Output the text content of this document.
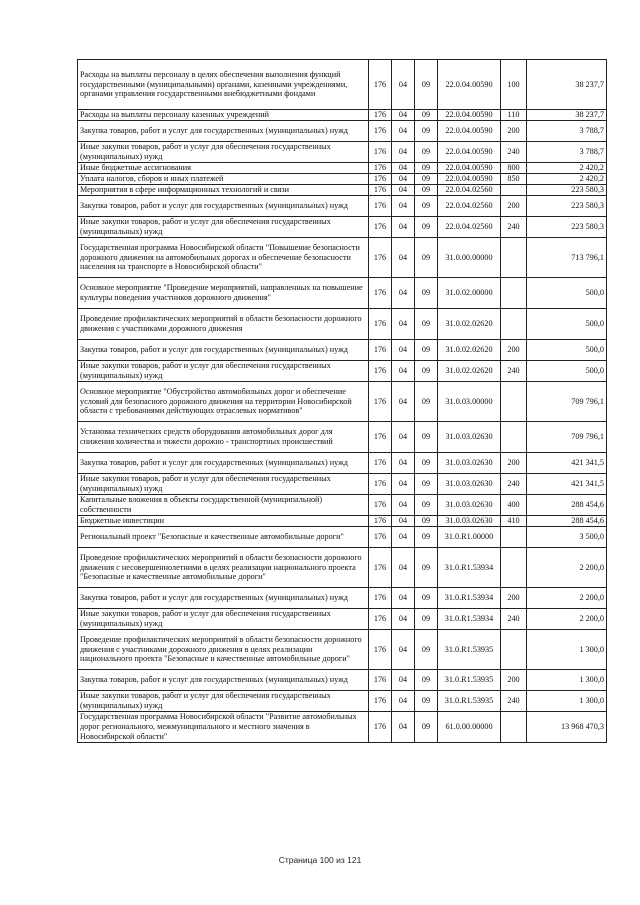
Расходы на выплаты персоналу в целях обеспечения выполнения функций государственными (муниципальными) органами, казенными учреждениями, органами управления государственными внебюджетными фондами	176	04	09	22.0.04.00590	100	38 237,7
Расходы на выплаты персоналу казенных учреждений	176	04	09	22.0.04.00590	110	38 237,7
Закупка товаров, работ и услуг для государственных (муниципальных) нужд	176	04	09	22.0.04.00590	200	3 788,7
Иные закупки товаров, работ и услуг для обеспечения государственных (муниципальных) нужд	176	04	09	22.0.04.00590	240	3 788,7
Иные бюджетные ассигнования	176	04	09	22.0.04.00590	800	2 420,2
Уплата налогов, сборов и иных платежей	176	04	09	22.0.04.00590	850	2 420,2
Мероприятия в сфере информационных технологий и связи	176	04	09	22.0.04.02560		223 580,3
Закупка товаров, работ и услуг для государственных (муниципальных) нужд	176	04	09	22.0.04.02560	200	223 580,3
Иные закупки товаров, работ и услуг для обеспечения государственных (муниципальных) нужд	176	04	09	22.0.04.02560	240	223 580,3
Государственная программа Новосибирской области "Повышение безопасности дорожного движения на автомобильных дорогах и обеспечение безопасности населения на транспорте в Новосибирской области"	176	04	09	31.0.00.00000		713 796,1
Основное мероприятие "Проведение мероприятий, направленных на повышение культуры поведения участников дорожного движения"	176	04	09	31.0.02.00000		500,0
Проведение профилактических мероприятий в области безопасности дорожного движения с участниками дорожного движения	176	04	09	31.0.02.02620		500,0
Закупка товаров, работ и услуг для государственных (муниципальных) нужд	176	04	09	31.0.02.02620	200	500,0
Иные закупки товаров, работ и услуг для обеспечения государственных (муниципальных) нужд	176	04	09	31.0.02.02620	240	500,0
Основное мероприятие "Обустройство автомобильных дорог и обеспечение условий для безопасного дорожного движения на территории Новосибирской области с требованиями действующих отраслевых нормативов"	176	04	09	31.0.03.00000		709 796,1
Установка технических средств оборудования автомобильных дорог для снижения количества и тяжести дорожно - транспортных происшествий	176	04	09	31.0.03.02630		709 796,1
Закупка товаров, работ и услуг для государственных (муниципальных) нужд	176	04	09	31.0.03.02630	200	421 341,5
Иные закупки товаров, работ и услуг для обеспечения государственных (муниципальных) нужд	176	04	09	31.0.03.02630	240	421 341,5
Капитальные вложения в объекты государственной (муниципальной) собственности	176	04	09	31.0.03.02630	400	288 454,6
Бюджетные инвестиции	176	04	09	31.0.03.02630	410	288 454,6
Региональный проект "Безопасные и качественные автомобильные дороги"	176	04	09	31.0.R1.00000		3 500,0
Проведение профилактических мероприятий в области безопасности дорожного движения с несовершеннолетними в целях реализации национального проекта "Безопасные и качественные автомобильные дороги"	176	04	09	31.0.R1.53934		2 200,0
Закупка товаров, работ и услуг для государственных (муниципальных) нужд	176	04	09	31.0.R1.53934	200	2 200,0
Иные закупки товаров, работ и услуг для обеспечения государственных (муниципальных) нужд	176	04	09	31.0.R1.53934	240	2 200,0
Проведение профилактических мероприятий в области безопасности дорожного движения с участниками дорожного движения в целях реализации национального проекта "Безопасные и качественные автомобильные дороги"	176	04	09	31.0.R1.53935		1 300,0
Закупка товаров, работ и услуг для государственных (муниципальных) нужд	176	04	09	31.0.R1.53935	200	1 300,0
Иные закупки товаров, работ и услуг для обеспечения государственных (муниципальных) нужд	176	04	09	31.0.R1.53935	240	1 300,0
Государственная программа Новосибирской области "Развитие автомобильных дорог регионального, межмуниципального и местного значения в Новосибирской области"	176	04	09	61.0.00.00000		13 968 470,3
Страница 100 из 121
